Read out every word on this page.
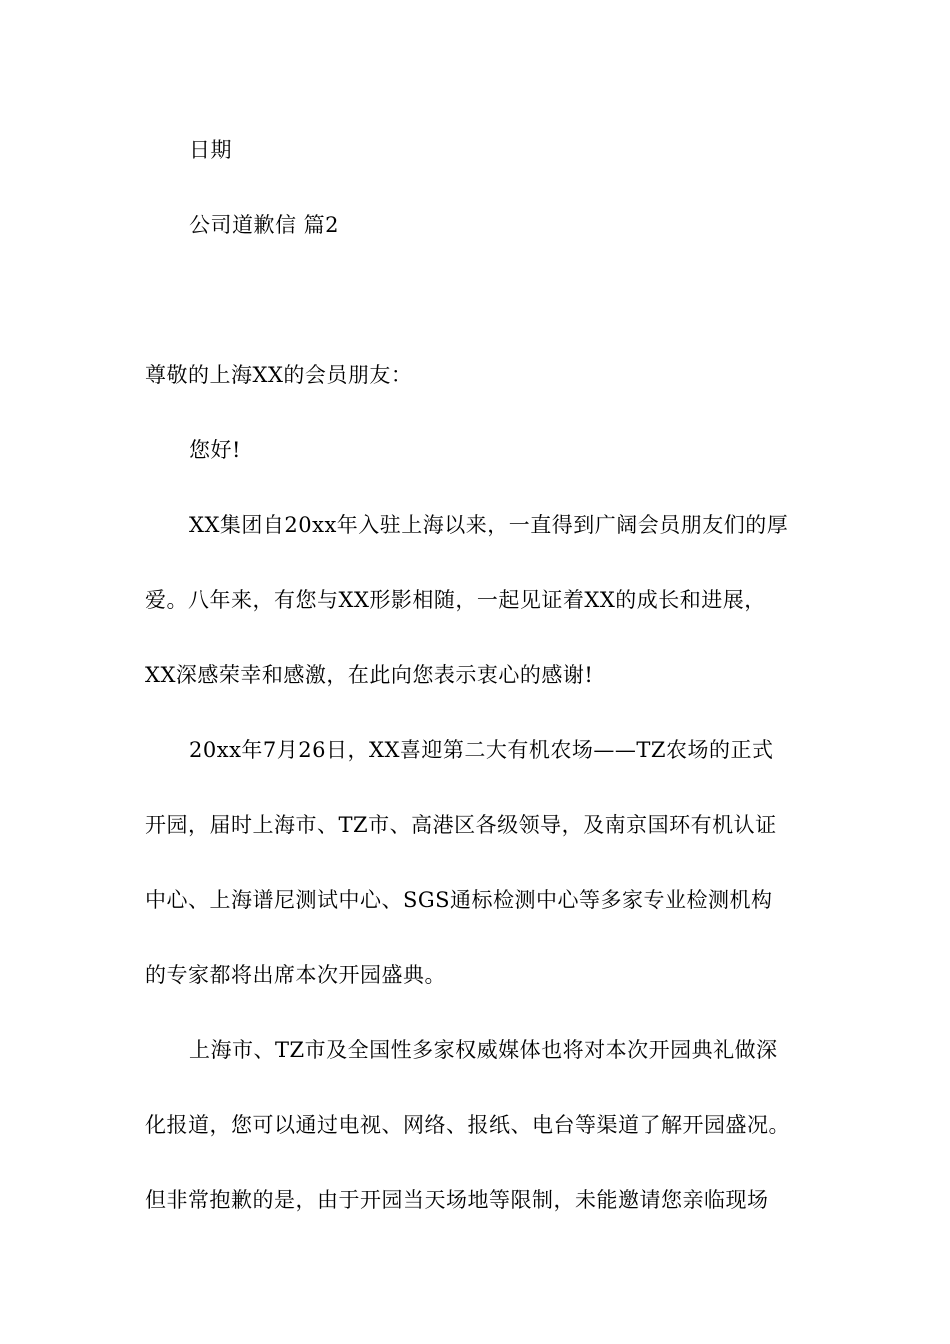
日期
公司道歉信 篇2
尊敬的上海XX的会员朋友：
您好!
XX集团自20xx年入驻上海以来，一直得到广阔会员朋友们的厚
爱。八年来，有您与XX形影相随，一起见证着XX的成长和进展，
XX深感荣幸和感激，在此向您表示衷心的感谢!
20xx年7月26日，XX喜迎第二大有机农场——TZ农场的正式
开园，届时上海市、TZ市、高港区各级领导，及南京国环有机认证
中心、上海谱尼测试中心、SGS通标检测中心等多家专业检测机构
的专家都将出席本次开园盛典。
上海市、TZ市及全国性多家权威媒体也将对本次开园典礼做深
化报道，您可以通过电视、网络、报纸、电台等渠道了解开园盛况。
但非常抱歉的是，由于开园当天场地等限制，未能邀请您亲临现场
